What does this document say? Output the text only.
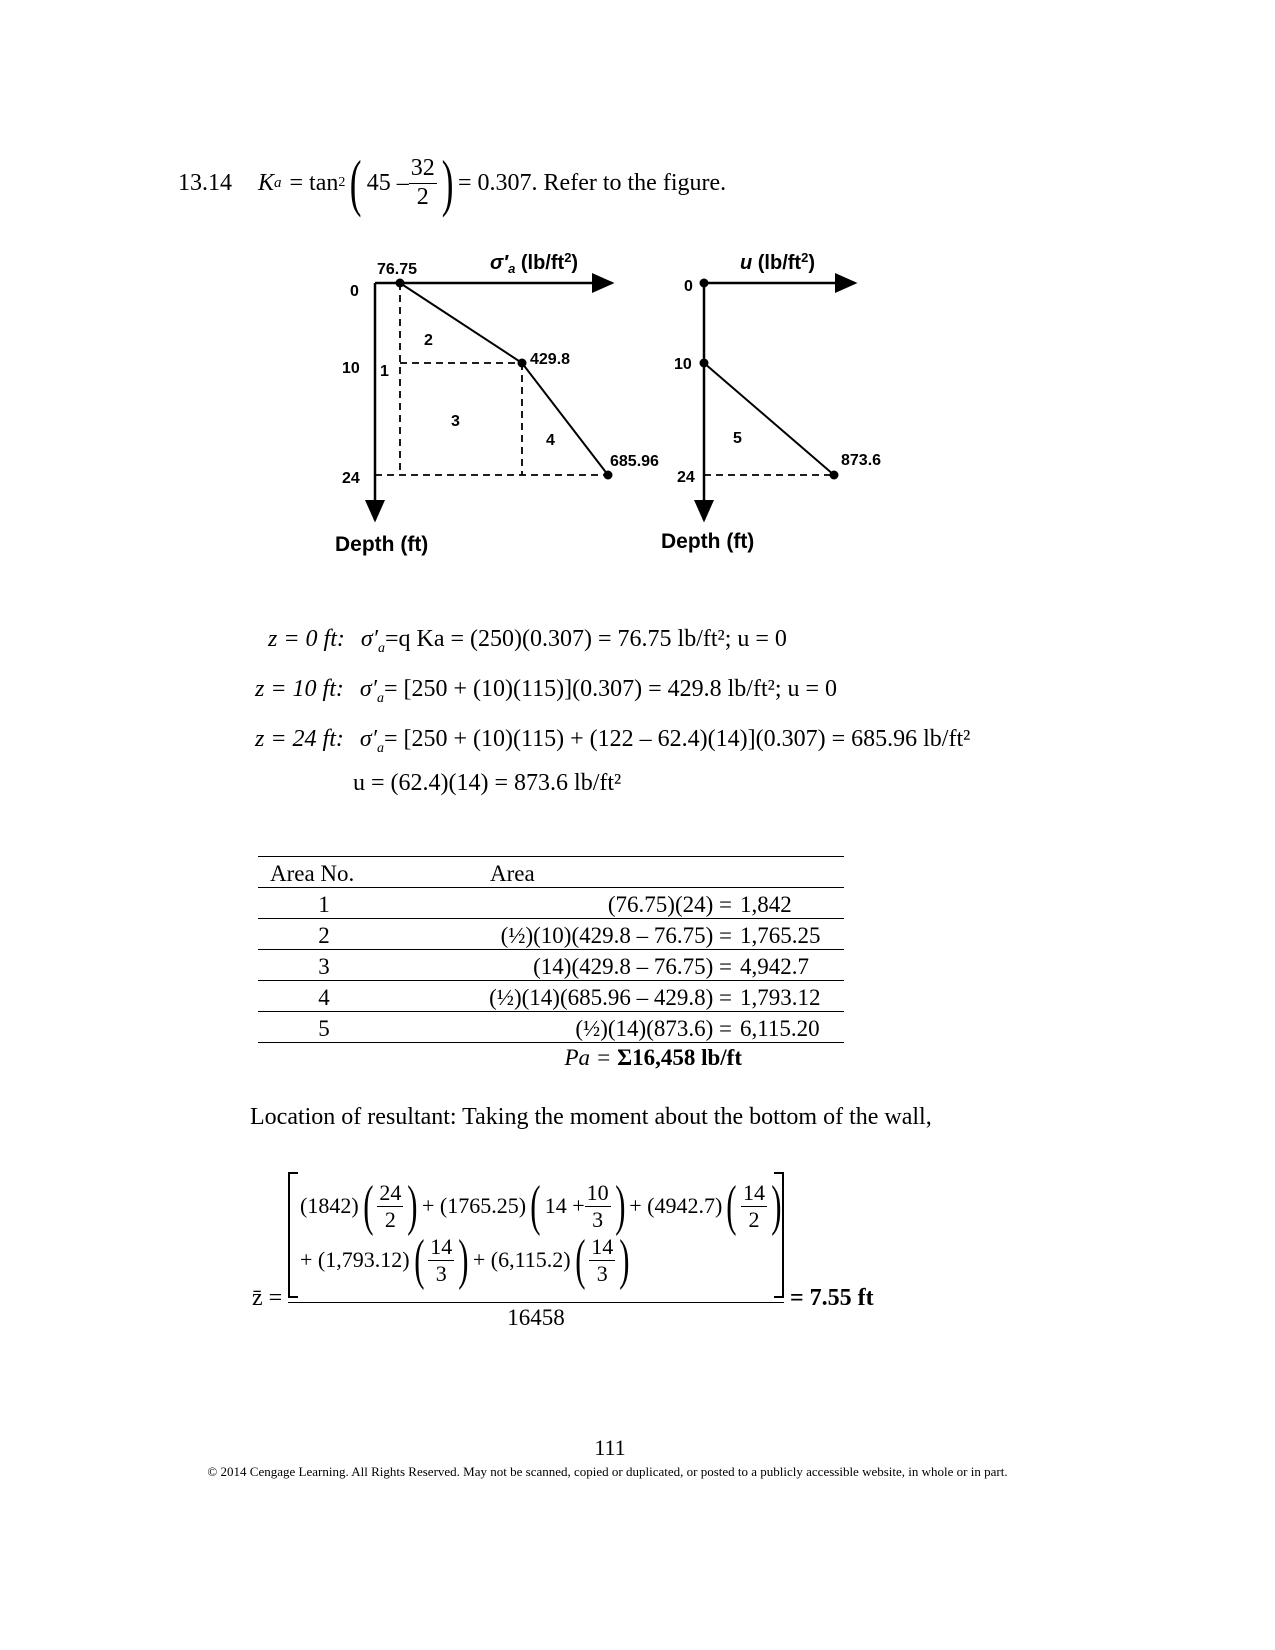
13.14 K a = tan 2 ( $45 - \frac{32}{2}$ ) = 0.307. Refer to the figure.
$\sigma'_a$ $(lb/ft^2)$
0
10
24
76.75
429.8
685.96
1
2
3
4
Depth (ft)
u $(lb/ft^2)$
0
10
24
873.6
5
Depth (ft)
z = 0 ft: $\sigma'_a=q$ Ka = (250)(0.307) = 76.75 lb/ft²; u = 0
z = 10 ft: $\sigma'_a= [250 + (10)(115)](0.307) = 429.8$ lb/ft²; u = 0
z = 24 ft: $\sigma'_a= [250 + (10)(115) + (122 - 62.4)(14)](0.307) = 685.96$ lb/ft²
u = (62.4)(14) = 873.6 lb/ft²
Area No.	Area	
1	(76.75)(24) =	1,842
2	(½)(10)(429.8 – 76.75) =	1,765.25
3	(14)(429.8 – 76.75) =	4,942.7
4	(½)(14)(685.96 – 429.8) =	1,793.12
5	(½)(14)(873.6) =	6,115.20
Pa = Σ16,458 lb/ft
Location of resultant: Taking the moment about the bottom of the wall,
z̄ =
(1842) ( $\frac{24}{2}$ ) + (1765.25) ( $14 + \frac{10}{3}$ ) + (4942.7) ( $\frac{14}{2}$ )
+ (1,793.12) ( $\frac{14}{3}$ ) + (6,115.2) ( $\frac{14}{3}$ )
16458
= 7.55 ft
111
© 2014 Cengage Learning. All Rights Reserved. May not be scanned, copied or duplicated, or posted to a publicly accessible website, in whole or in part.
